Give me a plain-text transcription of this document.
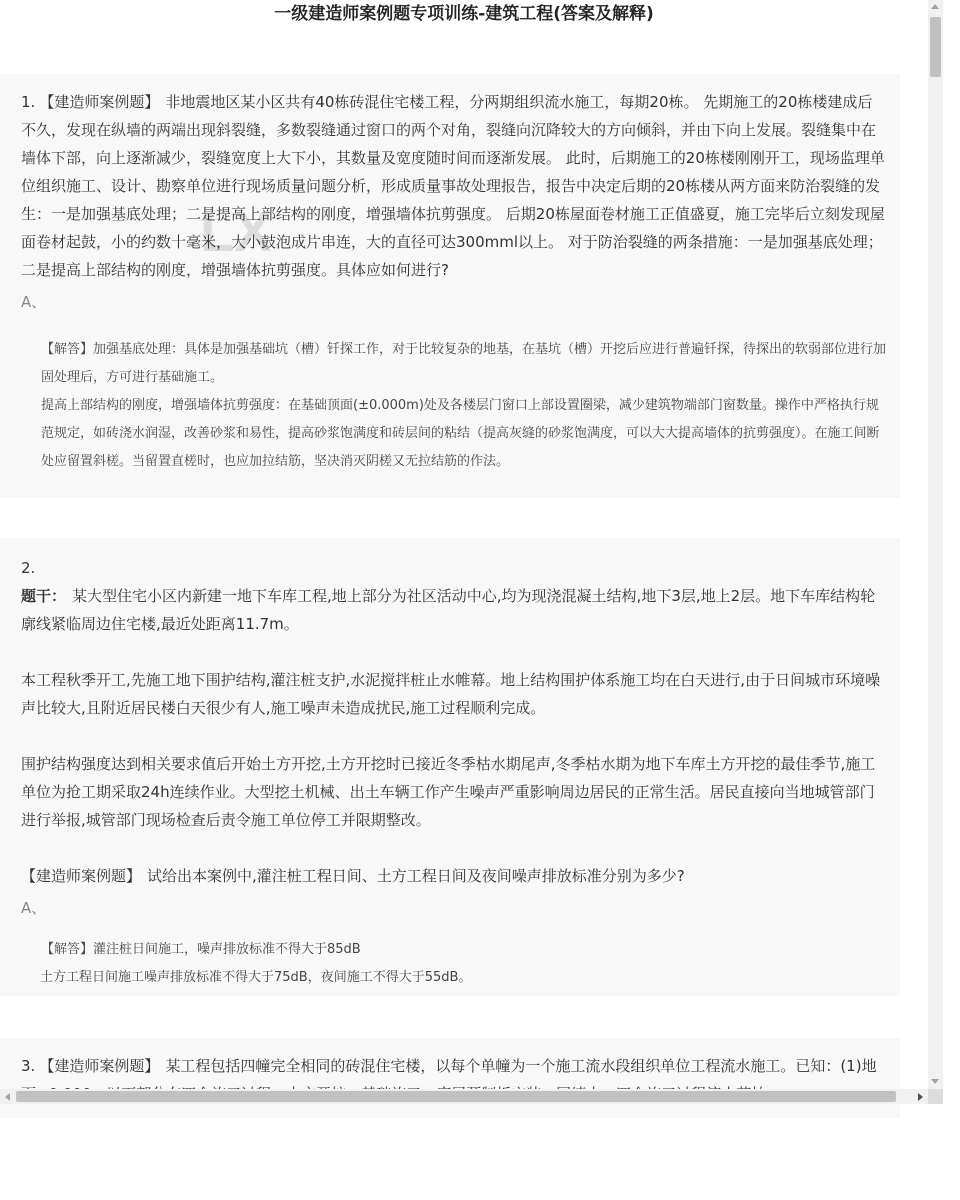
一级建造师案例题专项训练-建筑工程(答案及解释)
1. 【建造师案例题】 非地震地区某小区共有40栋砖混住宅楼工程，分两期组织流水施工，每期20栋。 先期施工的20栋楼建成后不久，发现在纵墙的两端出现斜裂缝，多数裂缝通过窗口的两个对角，裂缝向沉降较大的方向倾斜，并由下向上发展。裂缝集中在墙体下部，向上逐渐减少，裂缝宽度上大下小，其数量及宽度随时间而逐渐发展。 此时，后期施工的20栋楼刚刚开工，现场监理单位组织施工、设计、勘察单位进行现场质量问题分析，形成质量事故处理报告，报告中决定后期的20栋楼从两方面来防治裂缝的发生：一是加强基底处理；二是提高上部结构的刚度，增强墙体抗剪强度。 后期20栋屋面卷材施工正值盛夏，施工完毕后立刻发现屋面卷材起鼓，小的约数十毫米，大小鼓泡成片串连，大的直径可达300mml以上。 对于防治裂缝的两条措施：一是加强基底处理；二是提高上部结构的刚度，增强墙体抗剪强度。具体应如何进行?
A、

【解答】加强基底处理：具体是加强基础坑（槽）钎探工作，对于比较复杂的地基，在基坑（槽）开挖后应进行普遍钎探，待探出的软弱部位进行加固处理后，方可进行基础施工。

提高上部结构的刚度，增强墙体抗剪强度：在基础顶面(±0.000m)处及各楼层门窗口上部设置圈梁，减少建筑物端部门窗数量。操作中严格执行规范规定，如砖浇水润湿，改善砂浆和易性，提高砂浆饱满度和砖层间的粘结（提高灰缝的砂浆饱满度，可以大大提高墙体的抗剪强度）。在施工间断处应留置斜槎。当留置直槎时，也应加拉结筋，坚决消灭阴槎又无拉结筋的作法。

LX
2.

题干： 某大型住宅小区内新建一地下车库工程,地上部分为社区活动中心,均为现浇混凝土结构,地下3层,地上2层。地下车库结构轮廓线紧临周边住宅楼,最近处距离11.7m。

本工程秋季开工,先施工地下围护结构,灌注桩支护,水泥搅拌桩止水帷幕。地上结构围护体系施工均在白天进行,由于日间城市环境噪声比较大,且附近居民楼白天很少有人,施工噪声未造成扰民,施工过程顺利完成。

围护结构强度达到相关要求值后开始土方开挖,土方开挖时已接近冬季枯水期尾声,冬季枯水期为地下车库土方开挖的最佳季节,施工单位为抢工期采取24h连续作业。大型挖土机械、出土车辆工作产生噪声严重影响周边居民的正常生活。居民直接向当地城管部门进行举报,城管部门现场检查后责令施工单位停工并限期整改。

【建造师案例题】 试给出本案例中,灌注桩工程日间、土方工程日间及夜间噪声排放标准分别为多少?

A、

【解答】灌注桩日间施工，噪声排放标准不得大于85dB

土方工程日间施工噪声排放标准不得大于75dB，夜间施工不得大于55dB。

3. 【建造师案例题】 某工程包括四幢完全相同的砖混住宅楼，以每个单幢为一个施工流水段组织单位工程流水施工。已知：(1)地
